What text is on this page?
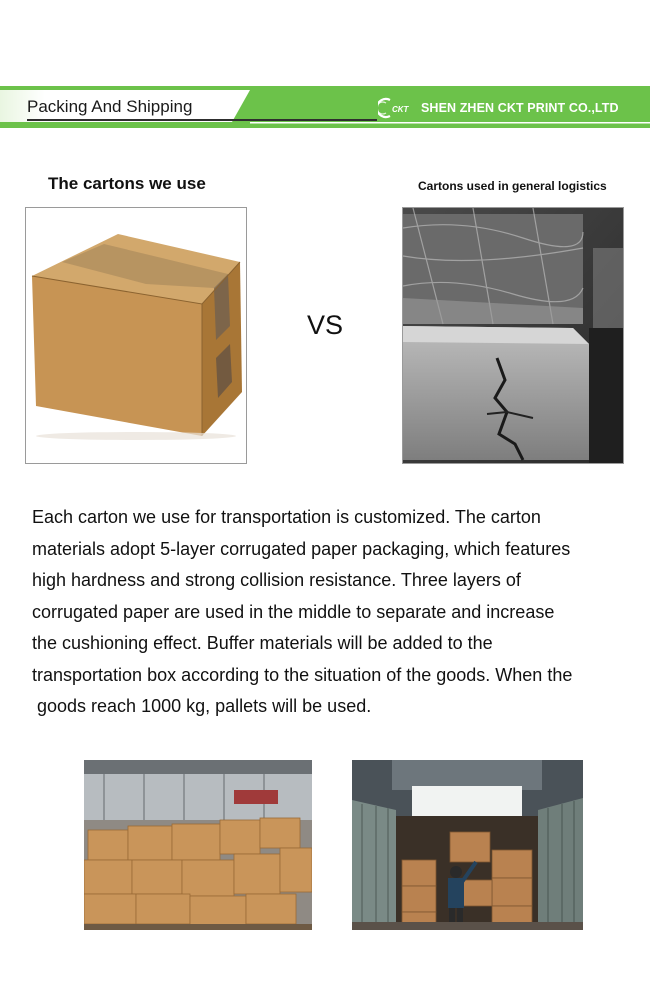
Packing And Shipping	CKT SHEN ZHEN CKT PRINT CO.,LTD
The cartons we use	Cartons used in general logistics
VS
Each carton we use for transportation is customized. The carton
materials adopt 5-layer corrugated paper packaging, which features
high hardness and strong collision resistance. Three layers of
corrugated paper are used in the middle to separate and increase
the cushioning effect. Buffer materials will be added to the
transportation box according to the situation of the goods. When the
goods reach 1000 kg, pallets will be used.
